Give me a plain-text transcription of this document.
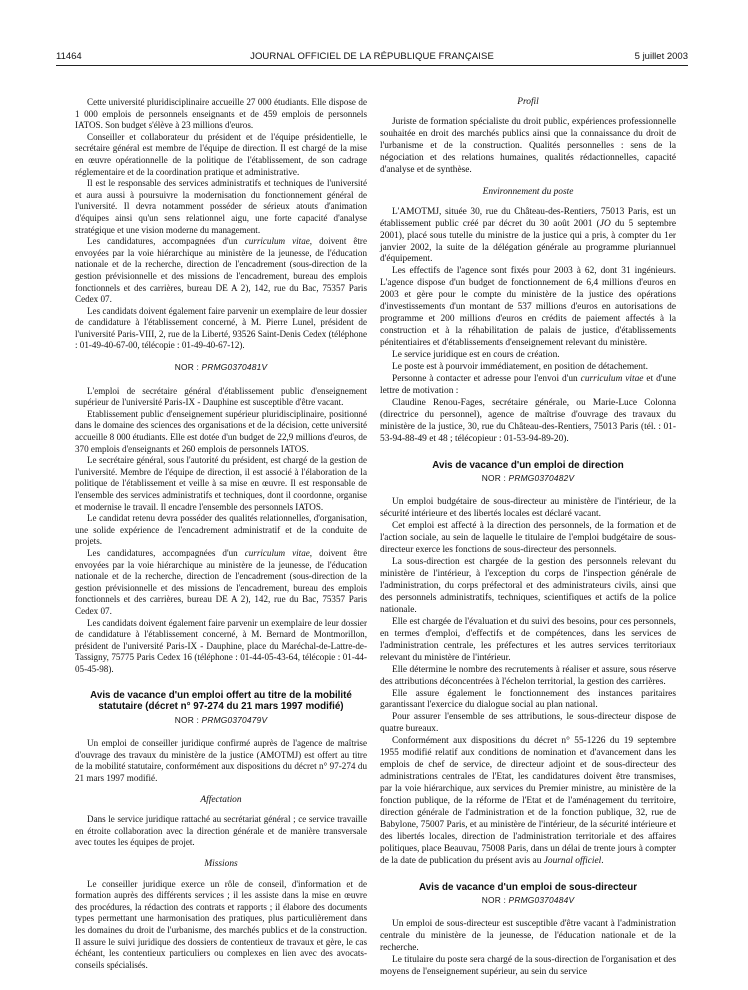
11464	JOURNAL OFFICIEL DE LA RÉPUBLIQUE FRANÇAISE	5 juillet 2003

Cette université pluridisciplinaire accueille 27 000 étudiants. Elle dispose de 1 000 emplois de personnels enseignants et de 459 emplois de personnels IATOS. Son budget s'élève à 23 millions d'euros.

Conseiller et collaborateur du président et de l'équipe présidentielle, le secrétaire général est membre de l'équipe de direction. Il est chargé de la mise en œuvre opérationnelle de la politique de l'établissement, de son cadrage réglementaire et de la coordination pratique et administrative.

Il est le responsable des services administratifs et techniques de l'université et aura aussi à poursuivre la modernisation du fonctionnement général de l'université. Il devra notamment posséder de sérieux atouts d'animation d'équipes ainsi qu'un sens relationnel aigu, une forte capacité d'analyse stratégique et une vision moderne du management.

Les candidatures, accompagnées d'un curriculum vitae, doivent être envoyées par la voie hiérarchique au ministère de la jeunesse, de l'éducation nationale et de la recherche, direction de l'encadrement (sous-direction de la gestion prévisionnelle et des missions de l'encadrement, bureau des emplois fonctionnels et des carrières, bureau DE A 2), 142, rue du Bac, 75357 Paris Cedex 07.

Les candidats doivent également faire parvenir un exemplaire de leur dossier de candidature à l'établissement concerné, à M. Pierre Lunel, président de l'université Paris-VIII, 2, rue de la Liberté, 93526 Saint-Denis Cedex (téléphone : 01-49-40-67-00, télécopie : 01-49-40-67-12).

NOR : PRMG0370481V

L'emploi de secrétaire général d'établissement public d'enseignement supérieur de l'université Paris-IX - Dauphine est susceptible d'être vacant.

Etablissement public d'enseignement supérieur pluridisciplinaire, positionné dans le domaine des sciences des organisations et de la décision, cette université accueille 8 000 étudiants. Elle est dotée d'un budget de 22,9 millions d'euros, de 370 emplois d'enseignants et 260 emplois de personnels IATOS.

Le secrétaire général, sous l'autorité du président, est chargé de la gestion de l'université. Membre de l'équipe de direction, il est associé à l'élaboration de la politique de l'établissement et veille à sa mise en œuvre. Il est responsable de l'ensemble des services administratifs et techniques, dont il coordonne, organise et modernise le travail. Il encadre l'ensemble des personnels IATOS.

Le candidat retenu devra posséder des qualités relationnelles, d'organisation, une solide expérience de l'encadrement administratif et de la conduite de projets.

Les candidatures, accompagnées d'un curriculum vitae, doivent être envoyées par la voie hiérarchique au ministère de la jeunesse, de l'éducation nationale et de la recherche, direction de l'encadrement (sous-direction de la gestion prévisionnelle et des missions de l'encadrement, bureau des emplois fonctionnels et des carrières, bureau DE A 2), 142, rue du Bac, 75357 Paris Cedex 07.

Les candidats doivent également faire parvenir un exemplaire de leur dossier de candidature à l'établissement concerné, à M. Bernard de Montmorillon, président de l'université Paris-IX - Dauphine, place du Maréchal-de-Lattre-de-Tassigny, 75775 Paris Cedex 16 (téléphone : 01-44-05-43-64, télécopie : 01-44-05-45-98).

Avis de vacance d'un emploi offert au titre de la mobilité statutaire (décret n° 97-274 du 21 mars 1997 modifié)
NOR : PRMG0370479V

Un emploi de conseiller juridique confirmé auprès de l'agence de maîtrise d'ouvrage des travaux du ministère de la justice (AMOTMJ) est offert au titre de la mobilité statutaire, conformément aux dispositions du décret n° 97-274 du 21 mars 1997 modifié.

Affectation

Dans le service juridique rattaché au secrétariat général ; ce service travaille en étroite collaboration avec la direction générale et de manière transversale avec toutes les équipes de projet.

Missions

Le conseiller juridique exerce un rôle de conseil, d'information et de formation auprès des différents services ; il les assiste dans la mise en œuvre des procédures, la rédaction des contrats et rapports ; il élabore des documents types permettant une harmonisation des pratiques, plus particulièrement dans les domaines du droit de l'urbanisme, des marchés publics et de la construction. Il assure le suivi juridique des dossiers de contentieux de travaux et gère, le cas échéant, les contentieux particuliers ou complexes en lien avec des avocats-conseils spécialisés.

Profil

Juriste de formation spécialiste du droit public, expériences professionnelle souhaitée en droit des marchés publics ainsi que la connaissance du droit de l'urbanisme et de la construction. Qualités personnelles : sens de la négociation et des relations humaines, qualités rédactionnelles, capacité d'analyse et de synthèse.

Environnement du poste

L'AMOTMJ, située 30, rue du Château-des-Rentiers, 75013 Paris, est un établissement public créé par décret du 30 août 2001 (JO du 5 septembre 2001), placé sous tutelle du ministre de la justice qui a pris, à compter du 1er janvier 2002, la suite de la délégation générale au programme pluriannuel d'équipement.

Les effectifs de l'agence sont fixés pour 2003 à 62, dont 31 ingénieurs. L'agence dispose d'un budget de fonctionnement de 6,4 millions d'euros en 2003 et gère pour le compte du ministère de la justice des opérations d'investissements d'un montant de 537 millions d'euros en autorisations de programme et 200 millions d'euros en crédits de paiement affectés à la construction et à la réhabilitation de palais de justice, d'établissements pénitentiaires et d'établissements d'enseignement relevant du ministère.

Le service juridique est en cours de création.

Le poste est à pourvoir immédiatement, en position de détachement.

Personne à contacter et adresse pour l'envoi d'un curriculum vitae et d'une lettre de motivation :

Claudine Renou-Fages, secrétaire générale, ou Marie-Luce Colonna (directrice du personnel), agence de maîtrise d'ouvrage des travaux du ministère de la justice, 30, rue du Château-des-Rentiers, 75013 Paris (tél. : 01-53-94-88-49 et 48 ; télécopieur : 01-53-94-89-20).

Avis de vacance d'un emploi de direction
NOR : PRMG0370482V

Un emploi budgétaire de sous-directeur au ministère de l'intérieur, de la sécurité intérieure et des libertés locales est déclaré vacant.

Cet emploi est affecté à la direction des personnels, de la formation et de l'action sociale, au sein de laquelle le titulaire de l'emploi budgétaire de sous-directeur exerce les fonctions de sous-directeur des personnels.

La sous-direction est chargée de la gestion des personnels relevant du ministère de l'intérieur, à l'exception du corps de l'inspection générale de l'administration, du corps préfectoral et des administrateurs civils, ainsi que des personnels administratifs, techniques, scientifiques et actifs de la police nationale.

Elle est chargée de l'évaluation et du suivi des besoins, pour ces personnels, en termes d'emploi, d'effectifs et de compétences, dans les services de l'administration centrale, les préfectures et les autres services territoriaux relevant du ministère de l'intérieur.

Elle détermine le nombre des recrutements à réaliser et assure, sous réserve des attributions déconcentrées à l'échelon territorial, la gestion des carrières.

Elle assure également le fonctionnement des instances paritaires garantissant l'exercice du dialogue social au plan national.

Pour assurer l'ensemble de ses attributions, le sous-directeur dispose de quatre bureaux.

Conformément aux dispositions du décret n° 55-1226 du 19 septembre 1955 modifié relatif aux conditions de nomination et d'avancement dans les emplois de chef de service, de directeur adjoint et de sous-directeur des administrations centrales de l'Etat, les candidatures doivent être transmises, par la voie hiérarchique, aux services du Premier ministre, au ministère de la fonction publique, de la réforme de l'Etat et de l'aménagement du territoire, direction générale de l'administration et de la fonction publique, 32, rue de Babylone, 75007 Paris, et au ministère de l'intérieur, de la sécurité intérieure et des libertés locales, direction de l'administration territoriale et des affaires politiques, place Beauvau, 75008 Paris, dans un délai de trente jours à compter de la date de publication du présent avis au Journal officiel.

Avis de vacance d'un emploi de sous-directeur
NOR : PRMG0370484V

Un emploi de sous-directeur est susceptible d'être vacant à l'administration centrale du ministère de la jeunesse, de l'éducation nationale et de la recherche.

Le titulaire du poste sera chargé de la sous-direction de l'organisation et des moyens de l'enseignement supérieur, au sein du service
